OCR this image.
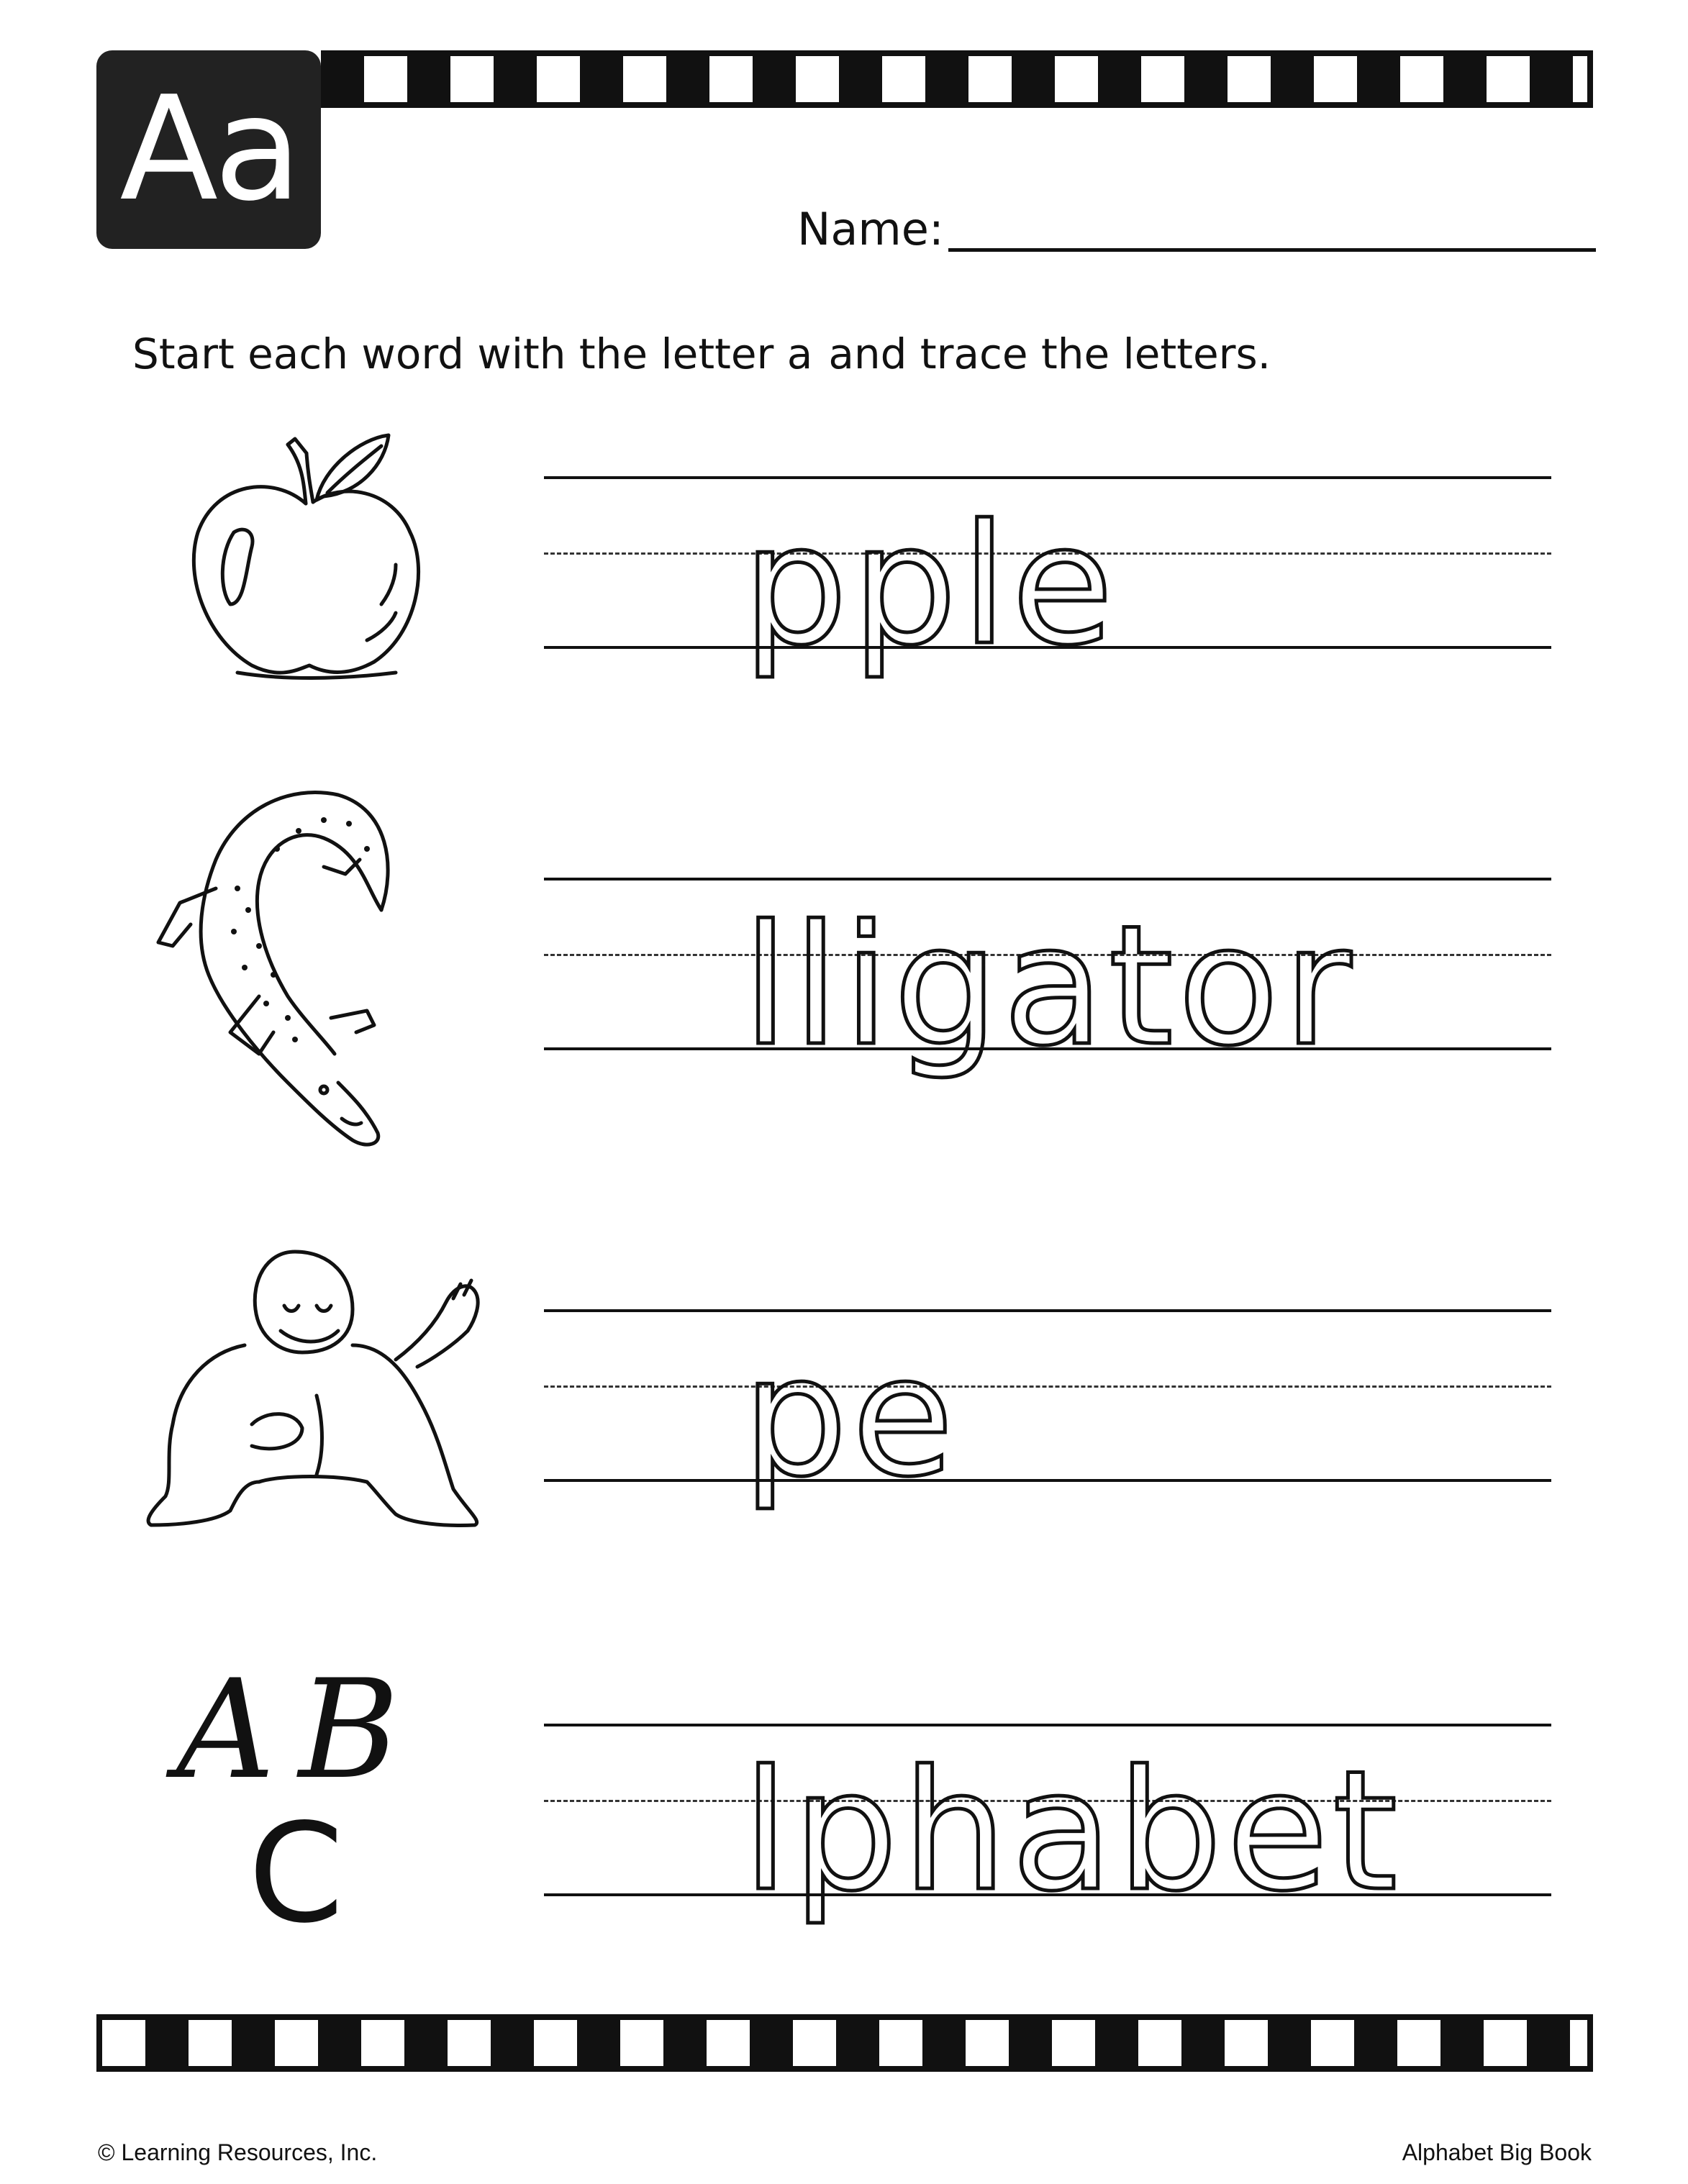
Aa	Name:
Start each word with the letter a and trace the letters.
pple
lligator
pe
A B
C lphabet
© Learning Resources, Inc.	Alphabet Big Book
